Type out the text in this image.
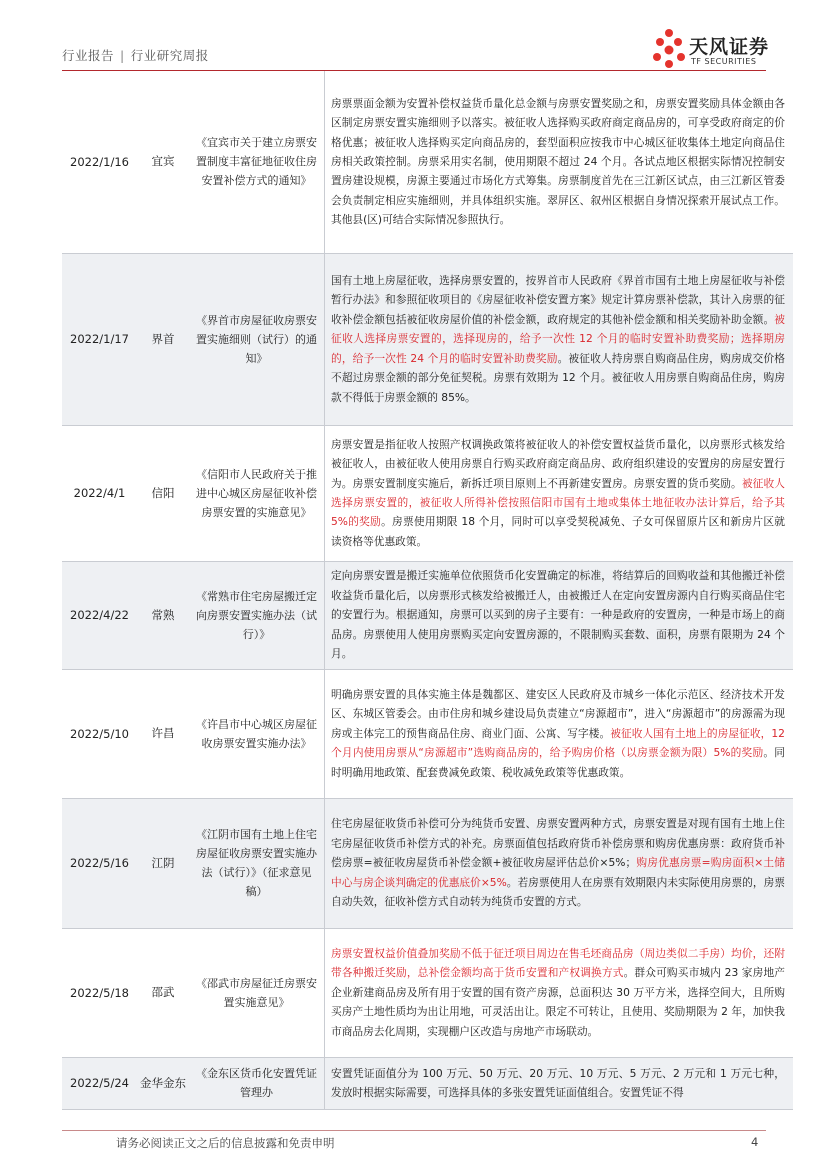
行业报告 | 行业研究周报	天风证券
TF SECURITIES
2022/1/16	宜宾	《宜宾市关于建立房票安置制度丰富征地征收住房安置补偿方式的通知》	房票票面金额为安置补偿权益货币量化总金额与房票安置奖励之和，房票安置奖励具体金额由各区制定房票安置实施细则予以落实。被征收人选择购买政府商定商品房的，可享受政府商定的价格优惠；被征收人选择购买定向商品房的，套型面积应按我市中心城区征收集体土地定向商品住房相关政策控制。房票采用实名制，使用期限不超过 24 个月。各试点地区根据实际情况控制安置房建设规模，房源主要通过市场化方式筹集。房票制度首先在三江新区试点，由三江新区管委会负责制定相应实施细则，并具体组织实施。翠屏区、叙州区根据自身情况探索开展试点工作。其他县(区)可结合实际情况参照执行。
2022/1/17	界首	《界首市房屋征收房票安置实施细则（试行）的通知》	国有土地上房屋征收，选择房票安置的，按界首市人民政府《界首市国有土地上房屋征收与补偿暂行办法》和参照征收项目的《房屋征收补偿安置方案》规定计算房票补偿款，其计入房票的征收补偿金额包括被征收房屋价值的补偿金额，政府规定的其他补偿金额和相关奖励补助金额。被征收人选择房票安置的，选择现房的，给予一次性 12 个月的临时安置补助费奖励；选择期房的，给予一次性 24 个月的临时安置补助费奖励。被征收人持房票自购商品住房，购房成交价格不超过房票金额的部分免征契税。房票有效期为 12 个月。被征收人用房票自购商品住房，购房款不得低于房票金额的 85%。
2022/4/1	信阳	《信阳市人民政府关于推进中心城区房屋征收补偿房票安置的实施意见》	房票安置是指征收人按照产权调换政策将被征收人的补偿安置权益货币量化，以房票形式核发给被征收人，由被征收人使用房票自行购买政府商定商品房、政府组织建设的安置房的房屋安置行为。房票安置制度实施后，新拆迁项目原则上不再新建安置房。房票安置的货币奖励。被征收人选择房票安置的，被征收人所得补偿按照信阳市国有土地或集体土地征收办法计算后，给予其 5%的奖励。房票使用期限 18 个月，同时可以享受契税减免、子女可保留原片区和新房片区就读资格等优惠政策。
2022/4/22	常熟	《常熟市住宅房屋搬迁定向房票安置实施办法（试行）》	定向房票安置是搬迁实施单位依照货币化安置确定的标准，将结算后的回购收益和其他搬迁补偿收益货币量化后，以房票形式核发给被搬迁人，由被搬迁人在定向安置房源内自行购买商品住宅的安置行为。根据通知，房票可以买到的房子主要有：一种是政府的安置房，一种是市场上的商品房。房票使用人使用房票购买定向安置房源的，不限制购买套数、面积，房票有限期为 24 个月。
2022/5/10	许昌	《许昌市中心城区房屋征收房票安置实施办法》	明确房票安置的具体实施主体是魏都区、建安区人民政府及市城乡一体化示范区、经济技术开发区、东城区管委会。由市住房和城乡建设局负责建立“房源超市”，进入“房源超市”的房源需为现房或主体完工的预售商品住房、商业门面、公寓、写字楼。被征收人国有土地上的房屋征收，12 个月内使用房票从“房源超市”选购商品房的，给予购房价格（以房票金额为限）5%的奖励。同时明确用地政策、配套费减免政策、税收减免政策等优惠政策。
2022/5/16	江阴	《江阴市国有土地上住宅房屋征收房票安置实施办法（试行）》（征求意见稿）	住宅房屋征收货币补偿可分为纯货币安置、房票安置两种方式，房票安置是对现有国有土地上住宅房屋征收货币补偿方式的补充。房票面值包括政府货币补偿房票和购房优惠房票：政府货币补偿房票=被征收房屋货币补偿金额+被征收房屋评估总价×5%；购房优惠房票=购房面积×土储中心与房企谈判确定的优惠底价×5%。若房票使用人在房票有效期限内未实际使用房票的，房票自动失效，征收补偿方式自动转为纯货币安置的方式。
2022/5/18	邵武	《邵武市房屋征迁房票安置实施意见》	房票安置权益价值叠加奖励不低于征迁项目周边在售毛坯商品房（周边类似二手房）均价，还附带各种搬迁奖励，总补偿金额均高于货币安置和产权调换方式。群众可购买市城内 23 家房地产企业新建商品房及所有用于安置的国有资产房源，总面积达 30 万平方米，选择空间大，且所购买房产土地性质均为出让用地，可灵活出让。限定不可转让，且使用、奖励期限为 2 年，加快我市商品房去化周期，实现棚户区改造与房地产市场联动。
2022/5/24	金华金东	《金东区货币化安置凭证管理办	安置凭证面值分为 100 万元、50 万元、20 万元、10 万元、5 万元、2 万元和 1 万元七种，发放时根据实际需要，可选择具体的多张安置凭证面值组合。安置凭证不得
请务必阅读正文之后的信息披露和免责申明	4
